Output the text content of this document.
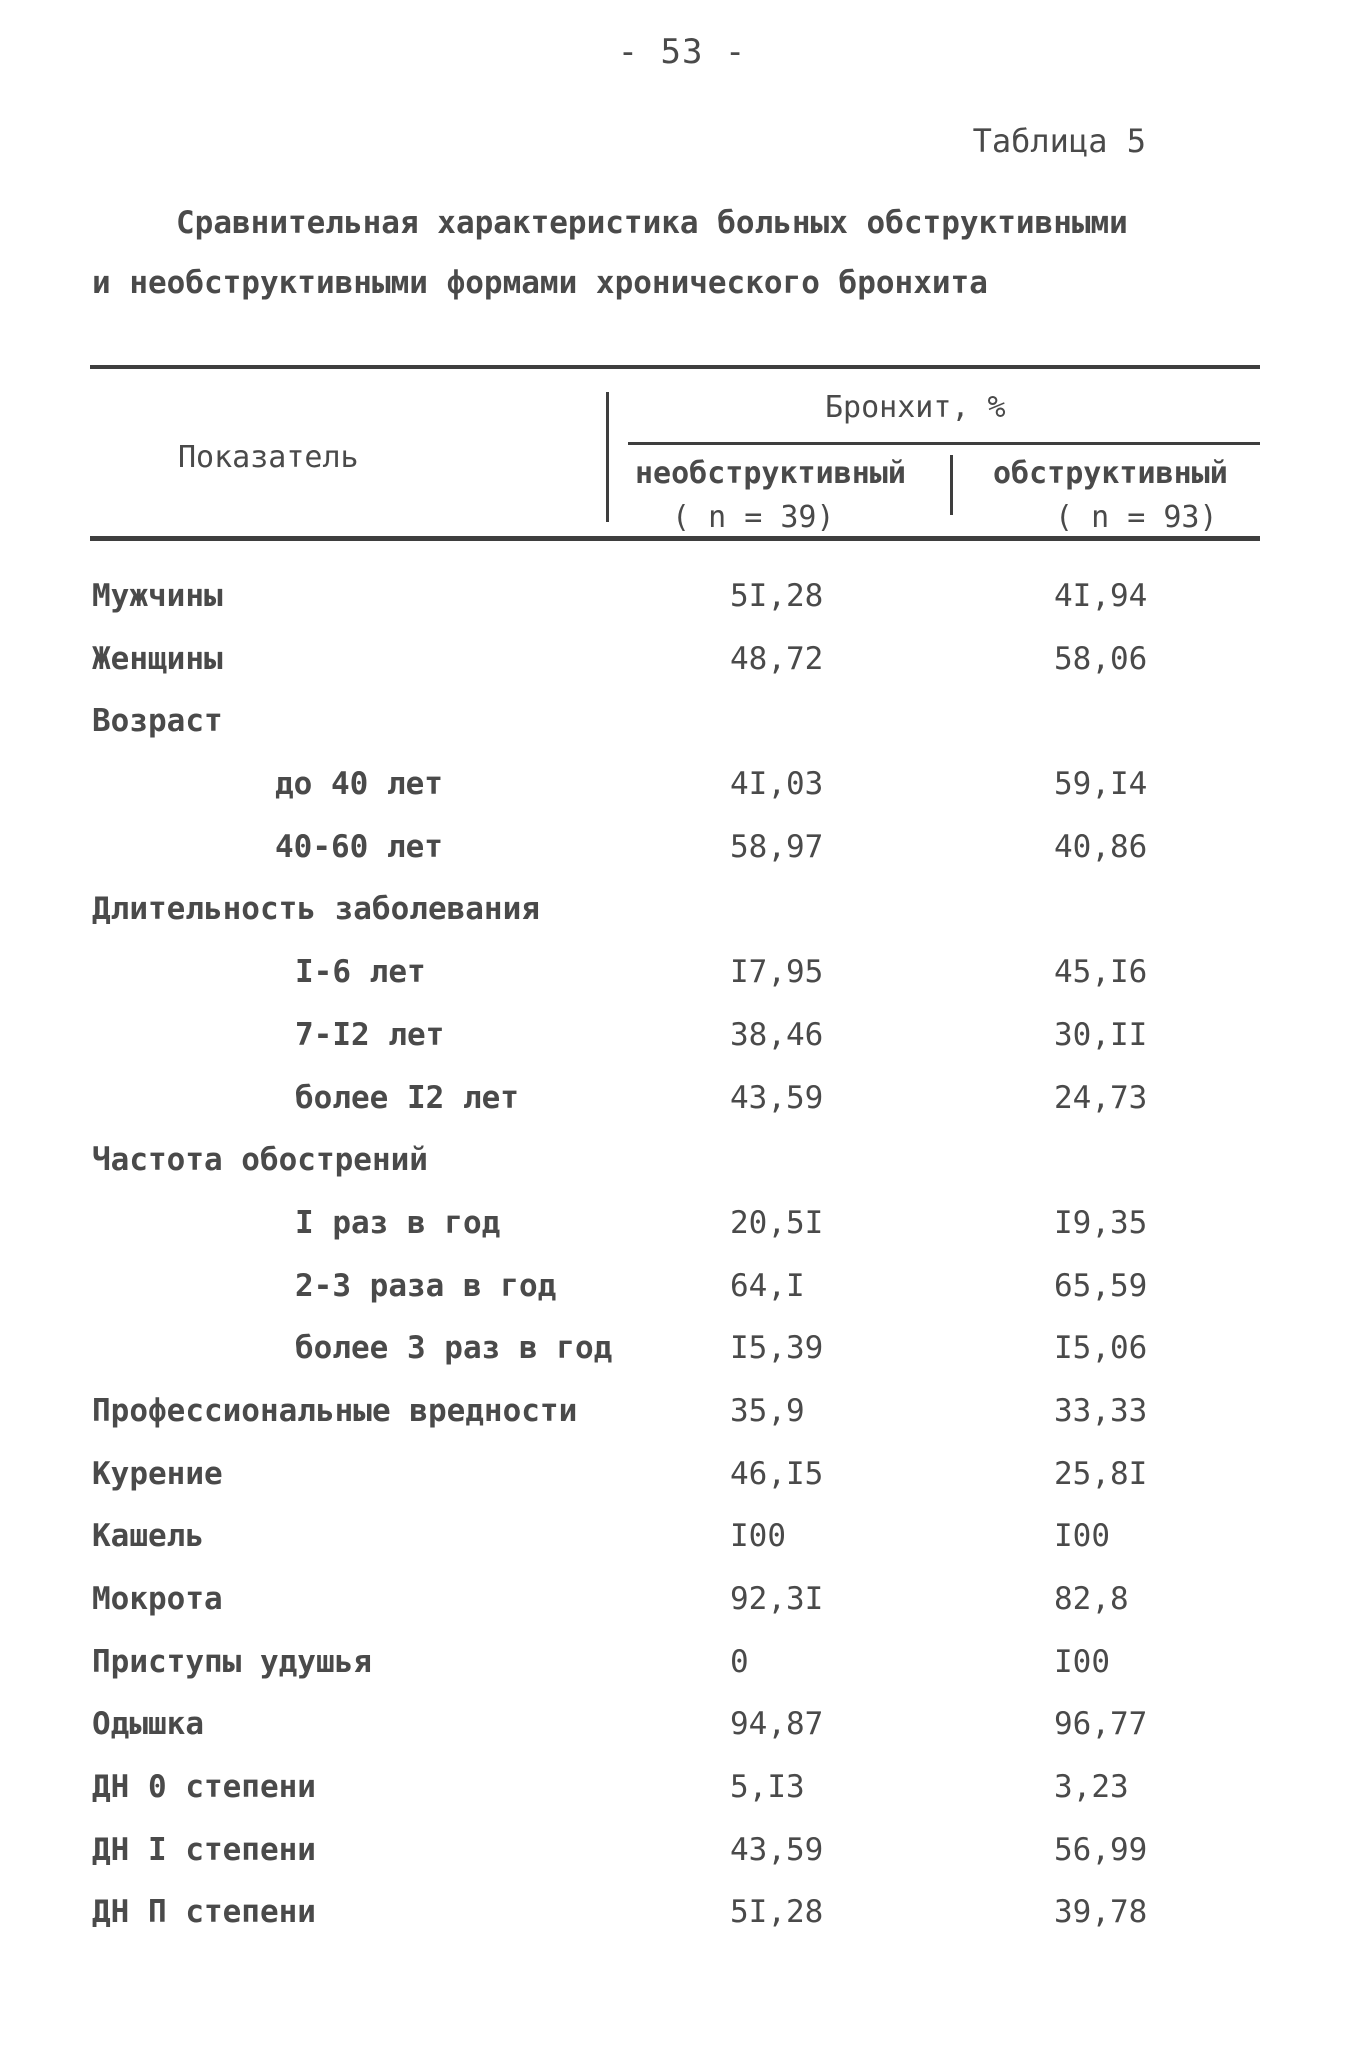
- 53 -
Таблица 5
Сравнительная характеристика больных обструктивными
и необструктивными формами хронического бронхита
Показатель
Бронхит, %
необструктивный	обструктивный
( n = 39)	( n = 93)
Мужчины	5I,28	4I,94
Женщины	48,72	58,06
Возраст
до 40 лет	4I,03	59,I4
40-60 лет	58,97	40,86
Длительность заболевания
I-6 лет	I7,95	45,I6
7-I2 лет	38,46	30,II
более I2 лет	43,59	24,73
Частота обострений
I раз в год	20,5I	I9,35
2-3 раза в год	64,I	65,59
более 3 раз в год	I5,39	I5,06
Профессиональные вредности	35,9	33,33
Курение	46,I5	25,8I
Кашель	I00	I00
Мокрота	92,3I	82,8
Приступы удушья	0	I00
Одышка	94,87	96,77
ДН 0 степени	5,I3	3,23
ДН I степени	43,59	56,99
ДН П степени	5I,28	39,78
